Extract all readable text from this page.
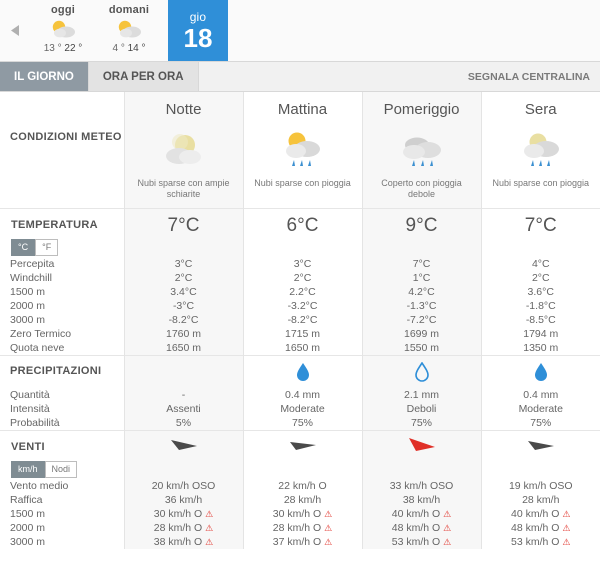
oggi
13 ° 22 °
domani
4 ° 14 °
gio
18
IL GIORNO	ORA PER ORA	SEGNALA CENTRALINA
	Notte	Mattina	Pomeriggio	Sera
CONDIZIONI METEO	

	Nubi sparse con ampie schiarite	Nubi sparse con pioggia	Coperto con pioggia debole	Nubi sparse con pioggia

TEMPERATURA
°C °F	7°C	6°C	9°C	7°C
Percepita	3°C	3°C	7°C	4°C
Windchill	2°C	2°C	1°C	2°C
1500 m	3.4°C	2.2°C	4.2°C	3.6°C
2000 m	-3°C	-3.2°C	-1.3°C	-1.8°C
3000 m	-8.2°C	-8.2°C	-7.2°C	-8.5°C
Zero Termico	1760 m	1715 m	1699 m	1794 m
Quota neve	1650 m	1650 m	1550 m	1350 m
PRECIPITAZIONI	

Quantità	-	0.4 mm	2.1 mm	0.4 mm
Intensità	Assenti	Moderate	Deboli	Moderate
Probabilità	5%	75%	75%	75%

VENTI
km/h Nodi

Vento medio	20 km/h OSO	22 km/h O	33 km/h OSO	19 km/h OSO
Raffica	36 km/h	28 km/h	38 km/h	28 km/h
1500 m	30 km/h O ⚠	30 km/h O ⚠	40 km/h O ⚠	40 km/h O ⚠
2000 m	28 km/h O ⚠	28 km/h O ⚠	48 km/h O ⚠	48 km/h O ⚠
3000 m	38 km/h O ⚠	37 km/h O ⚠	53 km/h O ⚠	53 km/h O ⚠
